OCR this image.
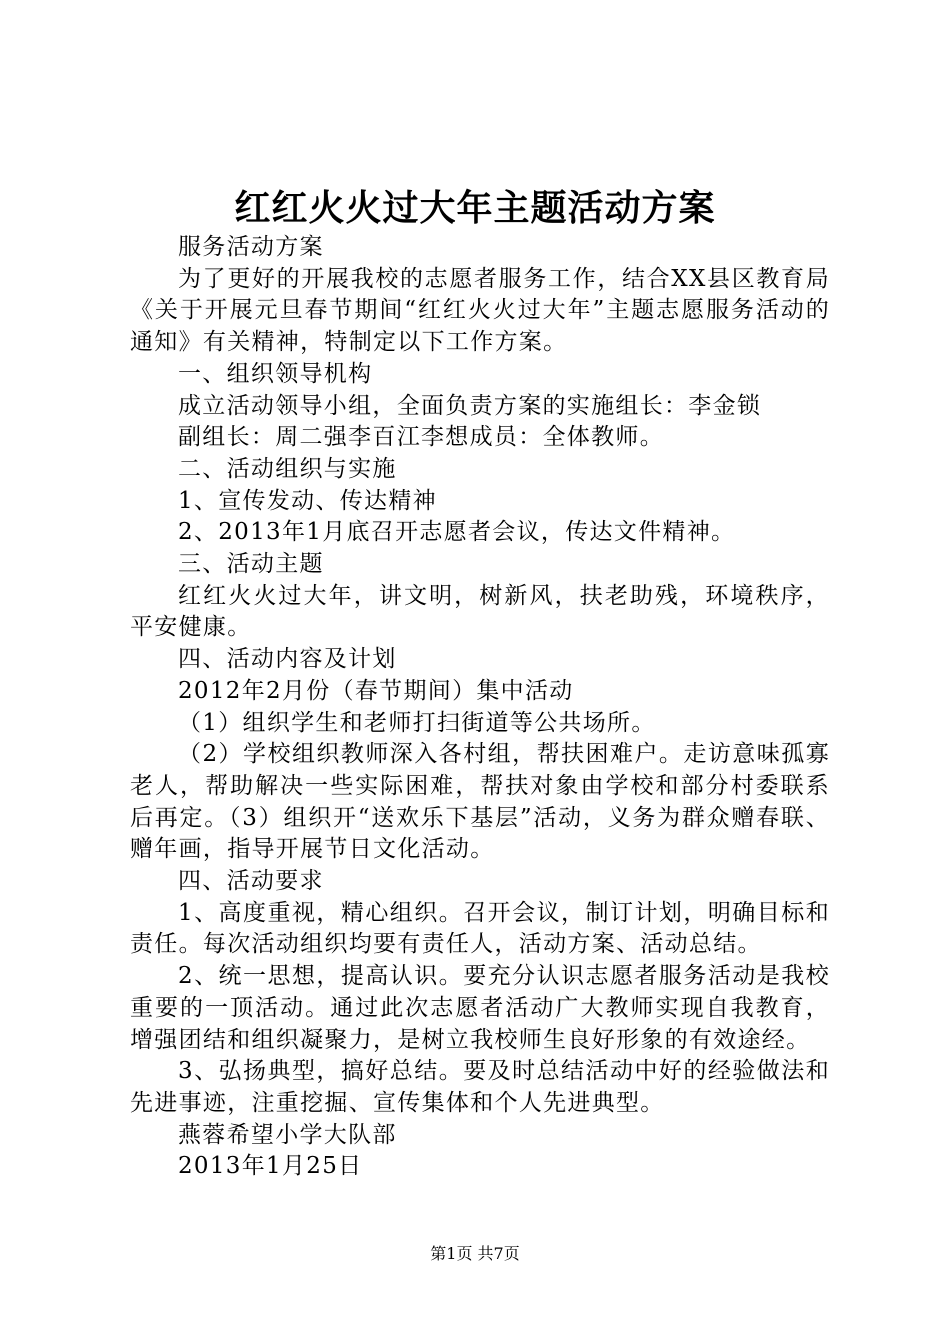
红红火火过大年主题活动方案

服务活动方案

为了更好的开展我校的志愿者服务工作，结合XX县区教育局《关于开展元旦春节期间“红红火火过大年”主题志愿服务活动的通知》有关精神，特制定以下工作方案。

一、组织领导机构

成立活动领导小组，全面负责方案的实施组长：李金锁

副组长：周二强李百江李想成员：全体教师。

二、活动组织与实施

1、宣传发动、传达精神

2、2013年1月底召开志愿者会议，传达文件精神。

三、活动主题

红红火火过大年，讲文明，树新风，扶老助残，环境秩序，平安健康。

四、活动内容及计划

2012年2月份（春节期间）集中活动

（1）组织学生和老师打扫街道等公共场所。

（2）学校组织教师深入各村组，帮扶困难户。走访意味孤寡老人，帮助解决一些实际困难，帮扶对象由学校和部分村委联系后再定。（3）组织开“送欢乐下基层”活动，义务为群众赠春联、赠年画，指导开展节日文化活动。

四、活动要求

1、高度重视，精心组织。召开会议，制订计划，明确目标和责任。每次活动组织均要有责任人，活动方案、活动总结。

2、统一思想，提高认识。要充分认识志愿者服务活动是我校重要的一顶活动。通过此次志愿者活动广大教师实现自我教育，增强团结和组织凝聚力，是树立我校师生良好形象的有效途经。

3、弘扬典型，搞好总结。要及时总结活动中好的经验做法和先进事迹，注重挖掘、宣传集体和个人先进典型。

燕蓉希望小学大队部

2013年1月25日

第1页 共7页
